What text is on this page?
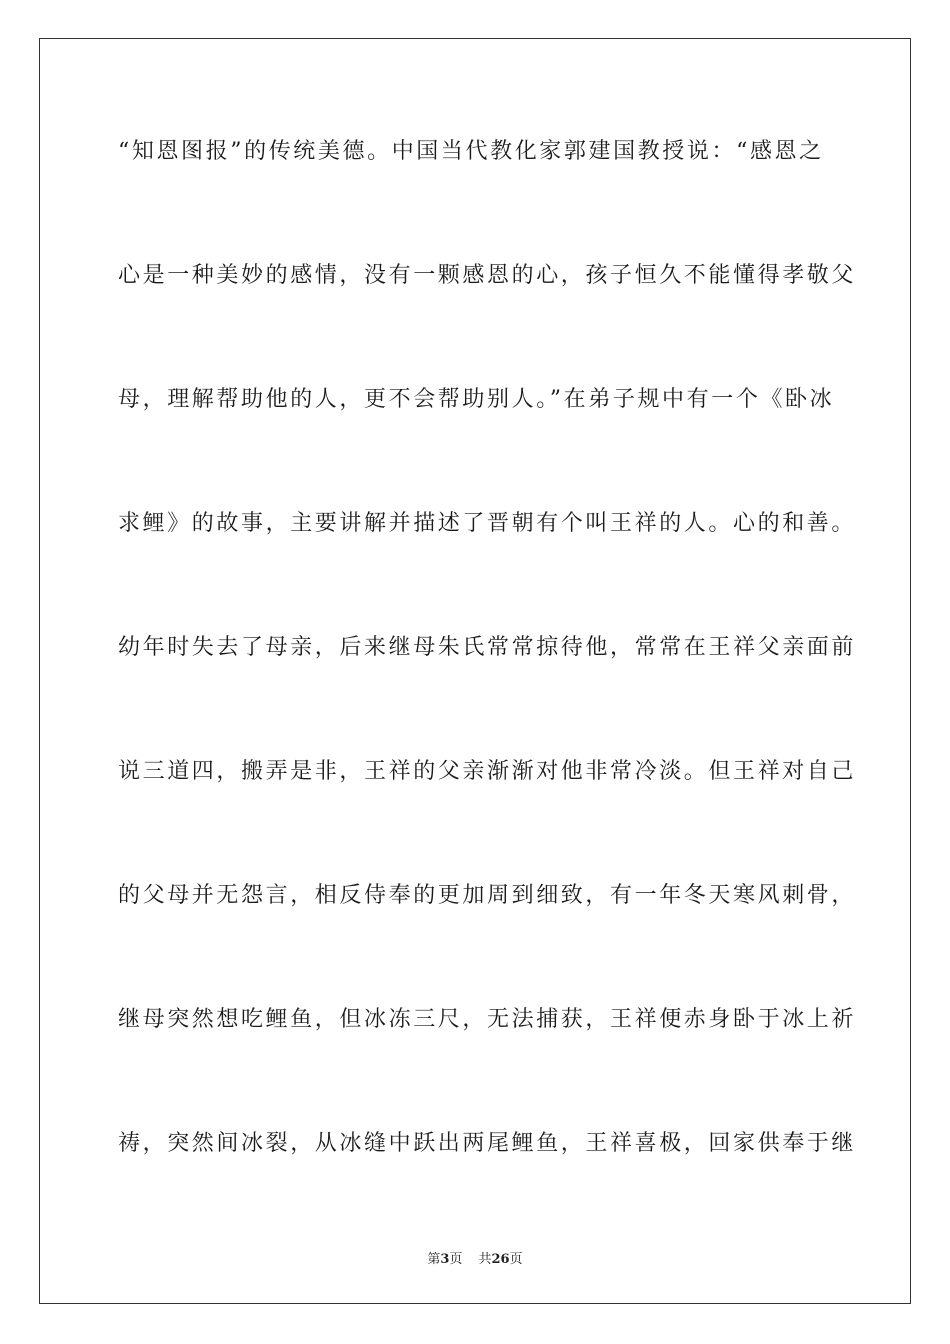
“知恩图报”的传统美德。中国当代教化家郭建国教授说：“感恩之
心是一种美妙的感情，没有一颗感恩的心，孩子恒久不能懂得孝敬父
母，理解帮助他的人，更不会帮助别人。”在弟子规中有一个《卧冰
求鲤》的故事，主要讲解并描述了晋朝有个叫王祥的人。心的和善。
幼年时失去了母亲，后来继母朱氏常常掠待他，常常在王祥父亲面前
说三道四，搬弄是非，王祥的父亲渐渐对他非常冷淡。但王祥对自己
的父母并无怨言，相反侍奉的更加周到细致，有一年冬天寒风刺骨，
继母突然想吃鲤鱼，但冰冻三尺，无法捕获，王祥便赤身卧于冰上祈
祷，突然间冰裂，从冰缝中跃出两尾鲤鱼，王祥喜极，回家供奉于继
第3页 共26页
